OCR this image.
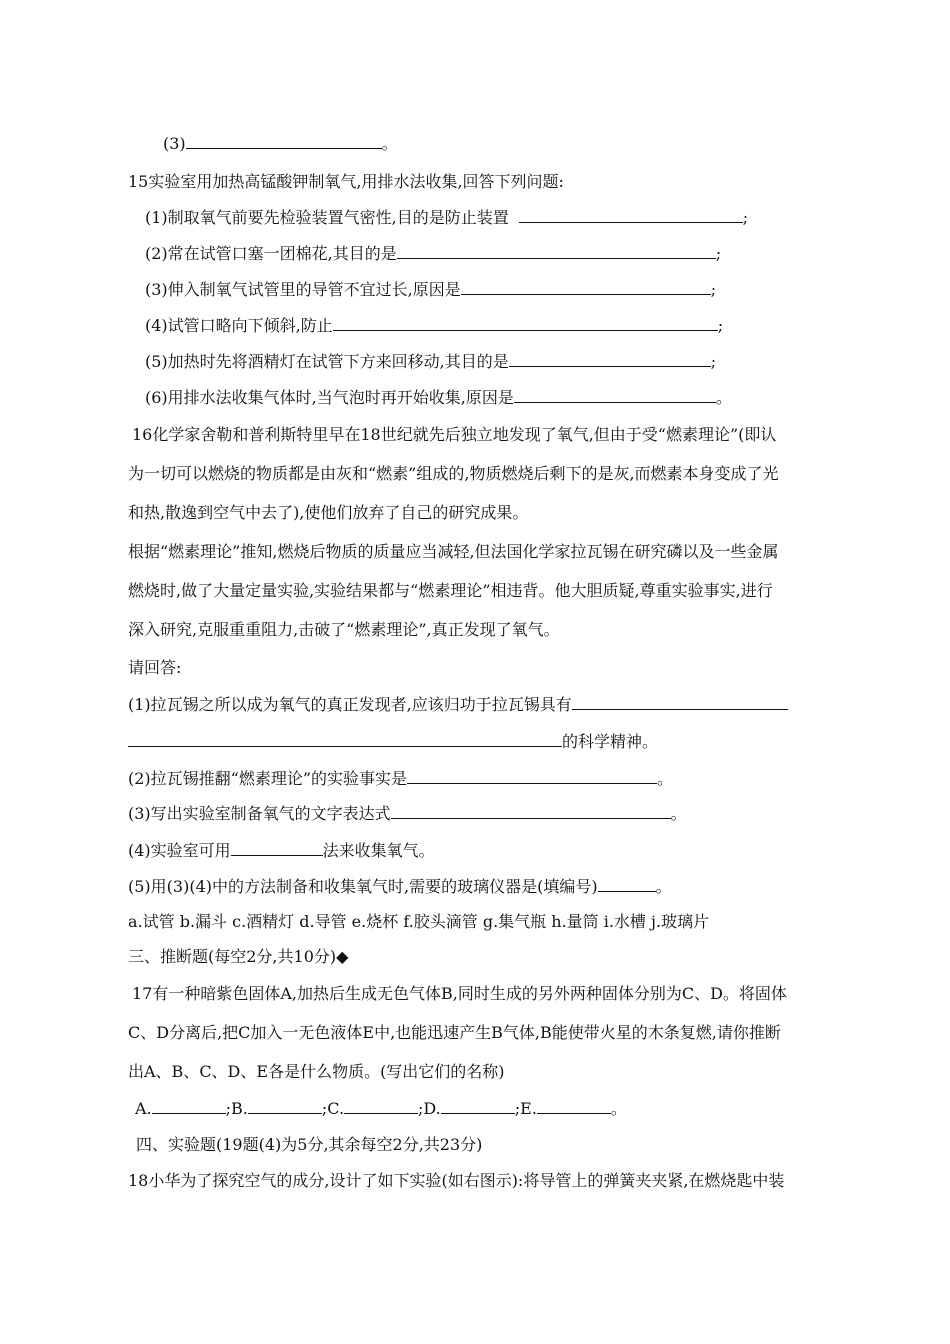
(3)	。
15实验室用加热高锰酸钾制氧气,用排水法收集,回答下列问题:
(1)制取氧气前要先检验装置气密性,目的是防止装置	;
(2)常在试管口塞一团棉花,其目的是	;
(3)伸入制氧气试管里的导管不宜过长,原因是	;
(4)试管口略向下倾斜,防止	;
(5)加热时先将酒精灯在试管下方来回移动,其目的是	;
(6)用排水法收集气体时,当气泡时再开始收集,原因是	。
16化学家舍勒和普利斯特里早在18世纪就先后独立地发现了氧气,但由于受“燃素理论”(即认
为一切可以燃烧的物质都是由灰和“燃素”组成的,物质燃烧后剩下的是灰,而燃素本身变成了光
和热,散逸到空气中去了),使他们放弃了自己的研究成果。
根据“燃素理论”推知,燃烧后物质的质量应当减轻,但法国化学家拉瓦锡在研究磷以及一些金属
燃烧时,做了大量定量实验,实验结果都与“燃素理论”相违背。他大胆质疑,尊重实验事实,进行
深入研究,克服重重阻力,击破了“燃素理论”,真正发现了氧气。
请回答:
(1)拉瓦锡之所以成为氧气的真正发现者,应该归功于拉瓦锡具有
的科学精神。
(2)拉瓦锡推翻“燃素理论”的实验事实是	。
(3)写出实验室制备氧气的文字表达式	。
(4)实验室可用	法来收集氧气。
(5)用(3)(4)中的方法制备和收集氧气时,需要的玻璃仪器是(填编号)	。
a.试管 b.漏斗 c.酒精灯 d.导管 e.烧杯 f.胶头滴管 g.集气瓶 h.量筒 i.水槽 j.玻璃片
三、推断题(每空2分,共10分)◆
17有一种暗紫色固体A,加热后生成无色气体B,同时生成的另外两种固体分别为C、D。将固体
C、D分离后,把C加入一无色液体E中,也能迅速产生B气体,B能使带火星的木条复燃,请你推断
出A、B、C、D、E各是什么物质。(写出它们的名称)
A.	;B.	;C.	;D.	;E.	。
四、实验题(19题(4)为5分,其余每空2分,共23分)
18小华为了探究空气的成分,设计了如下实验(如右图示):将导管上的弹簧夹夹紧,在燃烧匙中装
